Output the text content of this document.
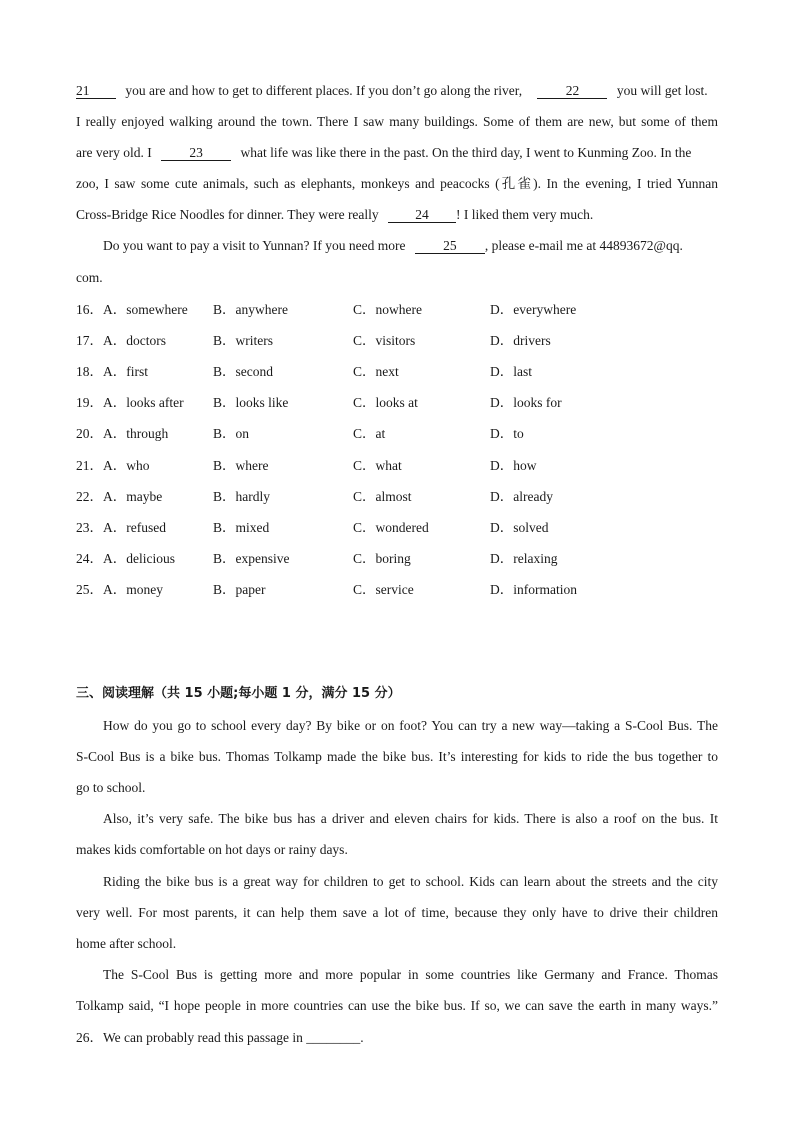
21	you are and how to get to different places. If you don’t go along the river,	22	you will get lost.
I really enjoyed walking around the town. There I saw many buildings. Some of them are new, but some of them
are very old. I	23	what life was like there in the past. On the third day, I went to Kunming Zoo. In the
zoo, I saw some cute animals, such as elephants, monkeys and peacocks (孔雀). In the evening, I tried Yunnan
Cross-Bridge Rice Noodles for dinner. They were really	24 ! I liked them very much.
Do you want to pay a visit to Yunnan? If you need more	25 , please e-mail me at 44893672@qq.
com.
16． A．somewhere B．anywhere	C．nowhere	D．everywhere
17． A．doctors	B．writers	C．visitors	D．drivers
18． A．first	B．second	C．next	D．last
19． A．looks after B．looks like	C．looks at	D．looks for
20． A．through	B．on	C．at	D．to
21． A．who	B．where	C．what	D．how
22． A．maybe	B．hardly	C．almost	D．already
23． A．refused	B．mixed	C．wondered	D．solved
24． A．delicious	B．expensive	C．boring	D．relaxing
25． A．money	B．paper	C．service	D．information
三、阅读理解（共 15 小题;每小题 1 分，满分 15 分）
How do you go to school every day? By bike or on foot? You can try a new way—taking a S-Cool Bus. The
S-Cool Bus is a bike bus. Thomas Tolkamp made the bike bus. It’s interesting for kids to ride the bus together to
go to school.
Also, it’s very safe. The bike bus has a driver and eleven chairs for kids. There is also a roof on the bus. It
makes kids comfortable on hot days or rainy days.
Riding the bike bus is a great way for children to get to school. Kids can learn about the streets and the city
very well. For most parents, it can help them save a lot of time, because they only have to drive their children
home after school.
The S-Cool Bus is getting more and more popular in some countries like Germany and France. Thomas
Tolkamp said, “I hope people in more countries can use the bike bus. If so, we can save the earth in many ways.”
26．We can probably read this passage in ________.
